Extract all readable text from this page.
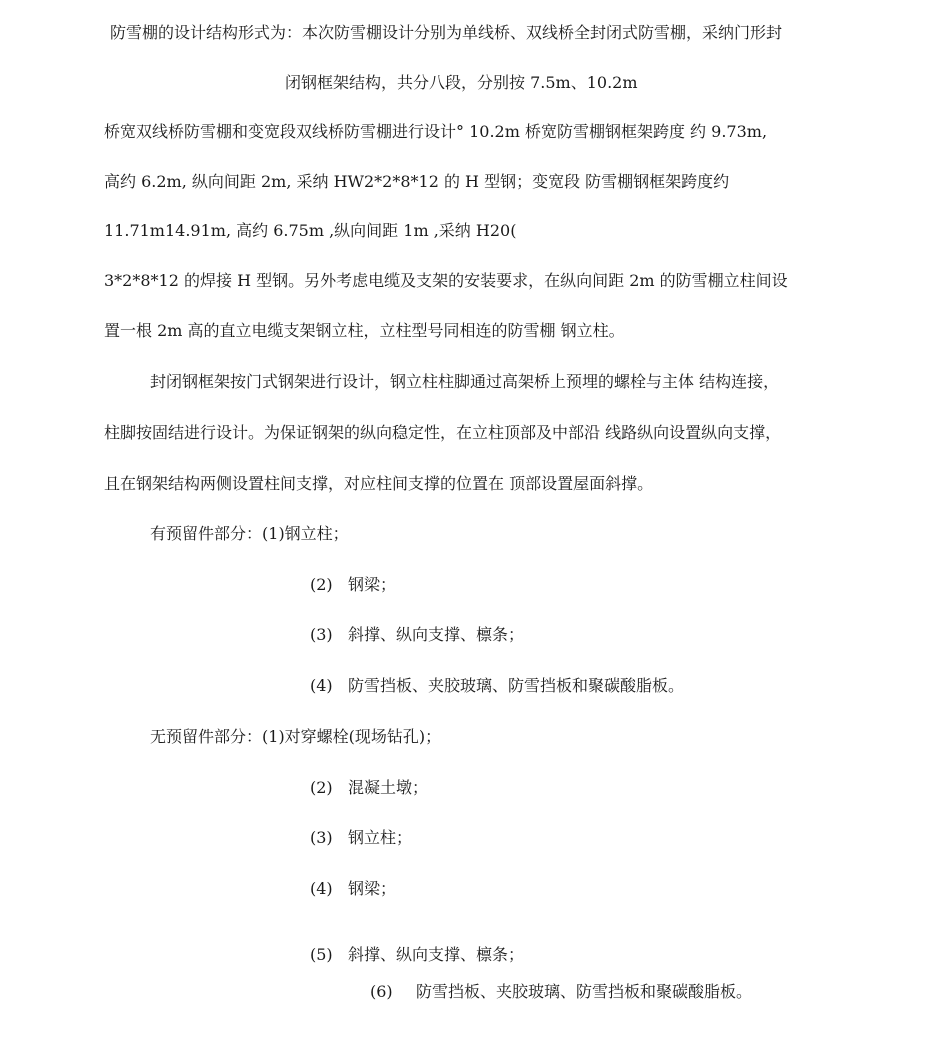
防雪棚的设计结构形式为：本次防雪棚设计分别为单线桥、双线桥全封闭式防雪棚，采纳门形封
闭钢框架结构，共分八段，分别按 7.5m、10.2m
桥宽双线桥防雪棚和变宽段双线桥防雪棚进行设计° 10.2m 桥宽防雪棚钢框架跨度 约 9.73m,
高约 6.2m, 纵向间距 2m, 采纳 HW2*2*8*12 的 H 型钢；变宽段 防雪棚钢框架跨度约
11.71m14.91m, 高约 6.75m ,纵向间距 1m ,采纳 H20(
3*2*8*12 的焊接 H 型钢。另外考虑电缆及支架的安装要求，在纵向间距 2m 的防雪棚立柱间设
置一根 2m 高的直立电缆支架钢立柱，立柱型号同相连的防雪棚 钢立柱。
封闭钢框架按门式钢架进行设计，钢立柱柱脚通过高架桥上预埋的螺栓与主体 结构连接，
柱脚按固结进行设计。为保证钢架的纵向稳定性，在立柱顶部及中部沿 线路纵向设置纵向支撑，
且在钢架结构两侧设置柱间支撑，对应柱间支撑的位置在 顶部设置屋面斜撑。
有预留件部分：(1)钢立柱；
(2) 钢梁；
(3) 斜撑、纵向支撑、檩条；
(4) 防雪挡板、夹胶玻璃、防雪挡板和聚碳酸脂板。
无预留件部分：(1)对穿螺栓(现场钻孔)；
(2) 混凝土墩；
(3) 钢立柱；
(4) 钢梁；
(5) 斜撑、纵向支撑、檩条；
(6) 防雪挡板、夹胶玻璃、防雪挡板和聚碳酸脂板。
